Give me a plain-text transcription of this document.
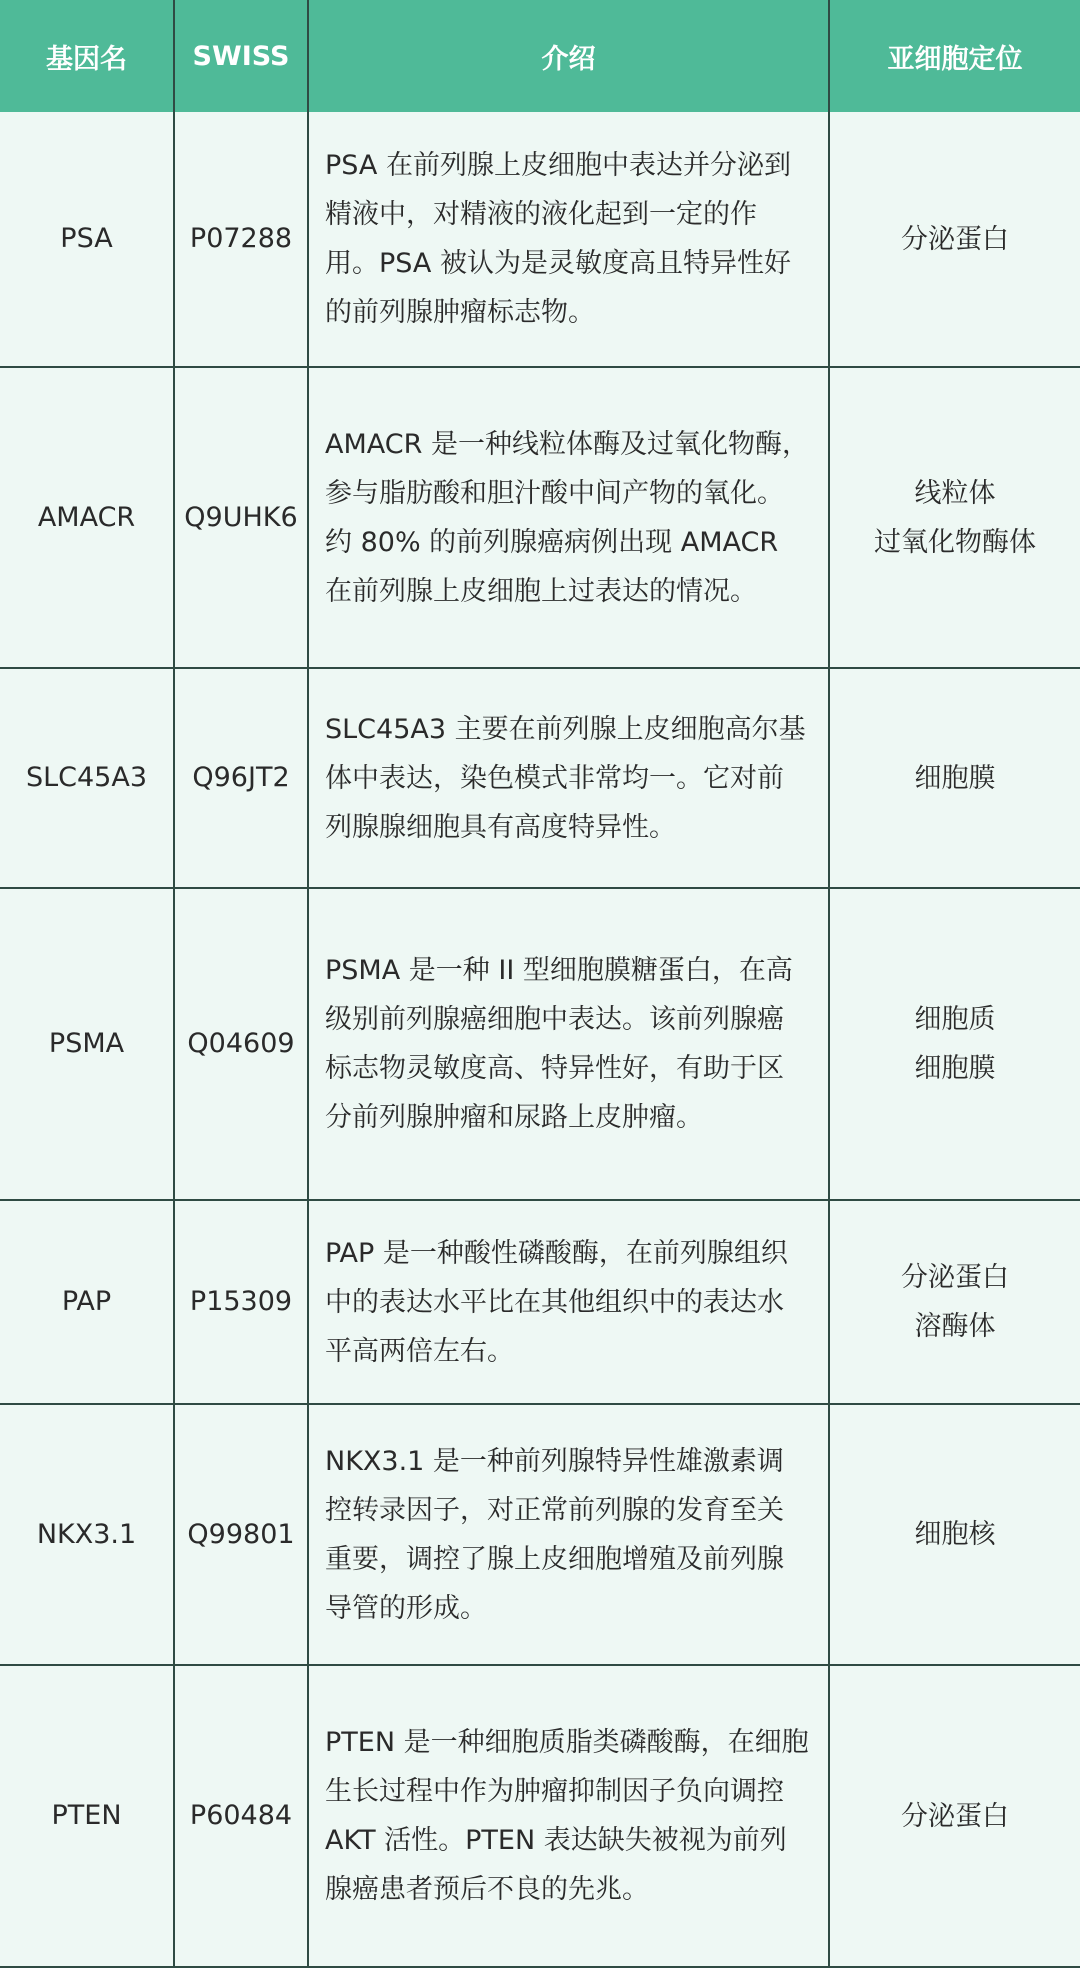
基因名	SWISS	介绍	亚细胞定位
PSA	P07288	PSA 在前列腺上皮细胞中表达并分泌到精液中，对精液的液化起到一定的作用。PSA 被认为是灵敏度高且特异性好的前列腺肿瘤标志物。	分泌蛋白

AMACR	Q9UHK6	AMACR 是一种线粒体酶及过氧化物酶，参与脂肪酸和胆汁酸中间产物的氧化。约 80% 的前列腺癌病例出现 AMACR 在前列腺上皮细胞上过表达的情况。	线粒体
过氧化物酶体

SLC45A3	Q96JT2	SLC45A3 主要在前列腺上皮细胞高尔基体中表达，染色模式非常均一。它对前列腺腺细胞具有高度特异性。	细胞膜

PSMA	Q04609	PSMA 是一种 II 型细胞膜糖蛋白，在高级别前列腺癌细胞中表达。该前列腺癌标志物灵敏度高、特异性好，有助于区分前列腺肿瘤和尿路上皮肿瘤。	细胞质
细胞膜

PAP	P15309	PAP 是一种酸性磷酸酶，在前列腺组织中的表达水平比在其他组织中的表达水平高两倍左右。	分泌蛋白
溶酶体

NKX3.1	Q99801	NKX3.1 是一种前列腺特异性雄激素调控转录因子，对正常前列腺的发育至关重要，调控了腺上皮细胞增殖及前列腺导管的形成。	细胞核

PTEN	P60484	PTEN 是一种细胞质脂类磷酸酶，在细胞生长过程中作为肿瘤抑制因子负向调控 AKT 活性。PTEN 表达缺失被视为前列腺癌患者预后不良的先兆。	分泌蛋白
